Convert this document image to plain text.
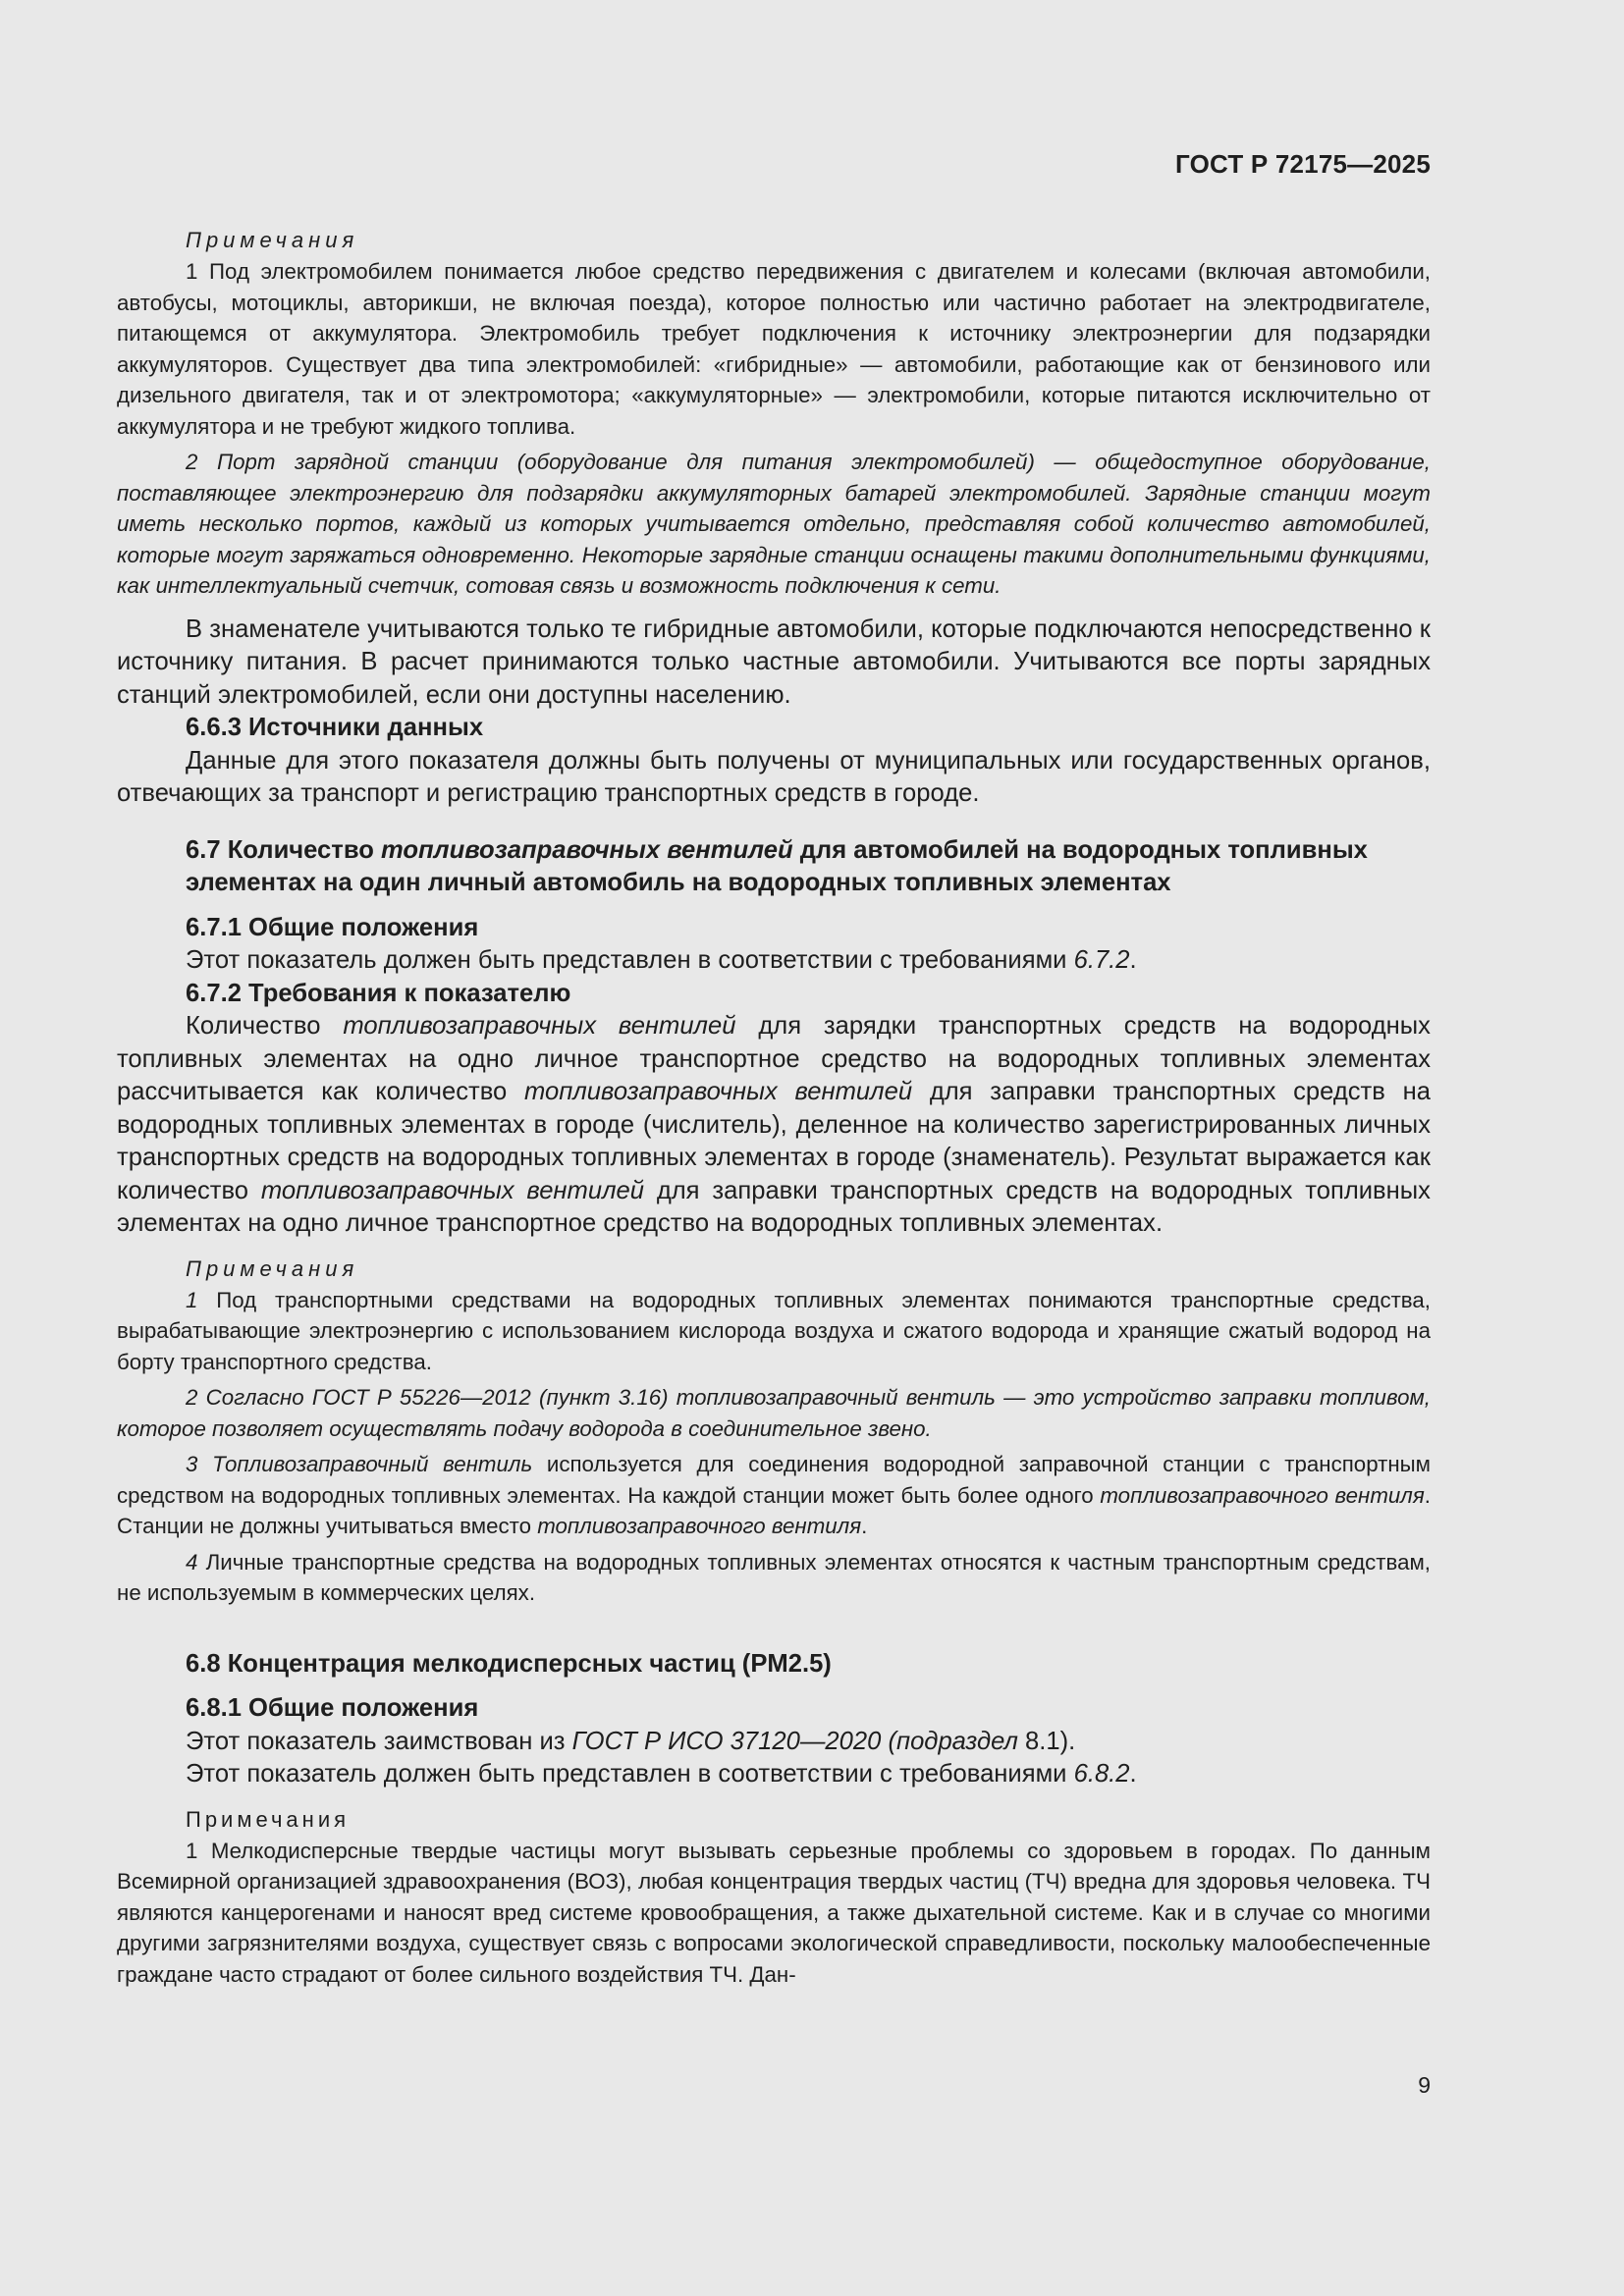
ГОСТ Р 72175—2025
Примечания

1 Под электромобилем понимается любое средство передвижения с двигателем и колесами (включая автомобили, автобусы, мотоциклы, авторикши, не включая поезда), которое полностью или частично работает на электродвигателе, питающемся от аккумулятора. Электромобиль требует подключения к источнику электроэнергии для подзарядки аккумуляторов. Существует два типа электромобилей: «гибридные» — автомобили, работающие как от бензинового или дизельного двигателя, так и от электромотора; «аккумуляторные» — электромобили, которые питаются исключительно от аккумулятора и не требуют жидкого топлива.

2 Порт зарядной станции (оборудование для питания электромобилей) — общедоступное оборудование, поставляющее электроэнергию для подзарядки аккумуляторных батарей электромобилей. Зарядные станции могут иметь несколько портов, каждый из которых учитывается отдельно, представляя собой количество автомобилей, которые могут заряжаться одновременно. Некоторые зарядные станции оснащены такими дополнительными функциями, как интеллектуальный счетчик, сотовая связь и возможность подключения к сети.

В знаменателе учитываются только те гибридные автомобили, которые подключаются непосредственно к источнику питания. В расчет принимаются только частные автомобили. Учитываются все порты зарядных станций электромобилей, если они доступны населению.

6.6.3 Источники данных

Данные для этого показателя должны быть получены от муниципальных или государственных органов, отвечающих за транспорт и регистрацию транспортных средств в городе.

6.7 Количество топливозаправочных вентилей для автомобилей на водородных топливных элементах на один личный автомобиль на водородных топливных элементах

6.7.1 Общие положения

Этот показатель должен быть представлен в соответствии с требованиями 6.7.2.

6.7.2 Требования к показателю

Количество топливозаправочных вентилей для зарядки транспортных средств на водородных топливных элементах на одно личное транспортное средство на водородных топливных элементах рассчитывается как количество топливозаправочных вентилей для заправки транспортных средств на водородных топливных элементах в городе (числитель), деленное на количество зарегистрированных личных транспортных средств на водородных топливных элементах в городе (знаменатель). Результат выражается как количество топливозаправочных вентилей для заправки транспортных средств на водородных топливных элементах на одно личное транспортное средство на водородных топливных элементах.

Примечания

1 Под транспортными средствами на водородных топливных элементах понимаются транспортные средства, вырабатывающие электроэнергию с использованием кислорода воздуха и сжатого водорода и хранящие сжатый водород на борту транспортного средства.

2 Согласно ГОСТ Р 55226—2012 (пункт 3.16) топливозаправочный вентиль — это устройство заправки топливом, которое позволяет осуществлять подачу водорода в соединительное звено.

3 Топливозаправочный вентиль используется для соединения водородной заправочной станции с транспортным средством на водородных топливных элементах. На каждой станции может быть более одного топливозаправочного вентиля. Станции не должны учитываться вместо топливозаправочного вентиля.

4 Личные транспортные средства на водородных топливных элементах относятся к частным транспортным средствам, не используемым в коммерческих целях.

6.8 Концентрация мелкодисперсных частиц (PM2.5)

6.8.1 Общие положения

Этот показатель заимствован из ГОСТ Р ИСО 37120—2020 (подраздел 8.1).

Этот показатель должен быть представлен в соответствии с требованиями 6.8.2.

Примечания

1 Мелкодисперсные твердые частицы могут вызывать серьезные проблемы со здоровьем в городах. По данным Всемирной организацией здравоохранения (ВОЗ), любая концентрация твердых частиц (ТЧ) вредна для здоровья человека. ТЧ являются канцерогенами и наносят вред системе кровообращения, а также дыхательной системе. Как и в случае со многими другими загрязнителями воздуха, существует связь с вопросами экологической справедливости, поскольку малообеспеченные граждане часто страдают от более сильного воздействия ТЧ. Дан-

9
